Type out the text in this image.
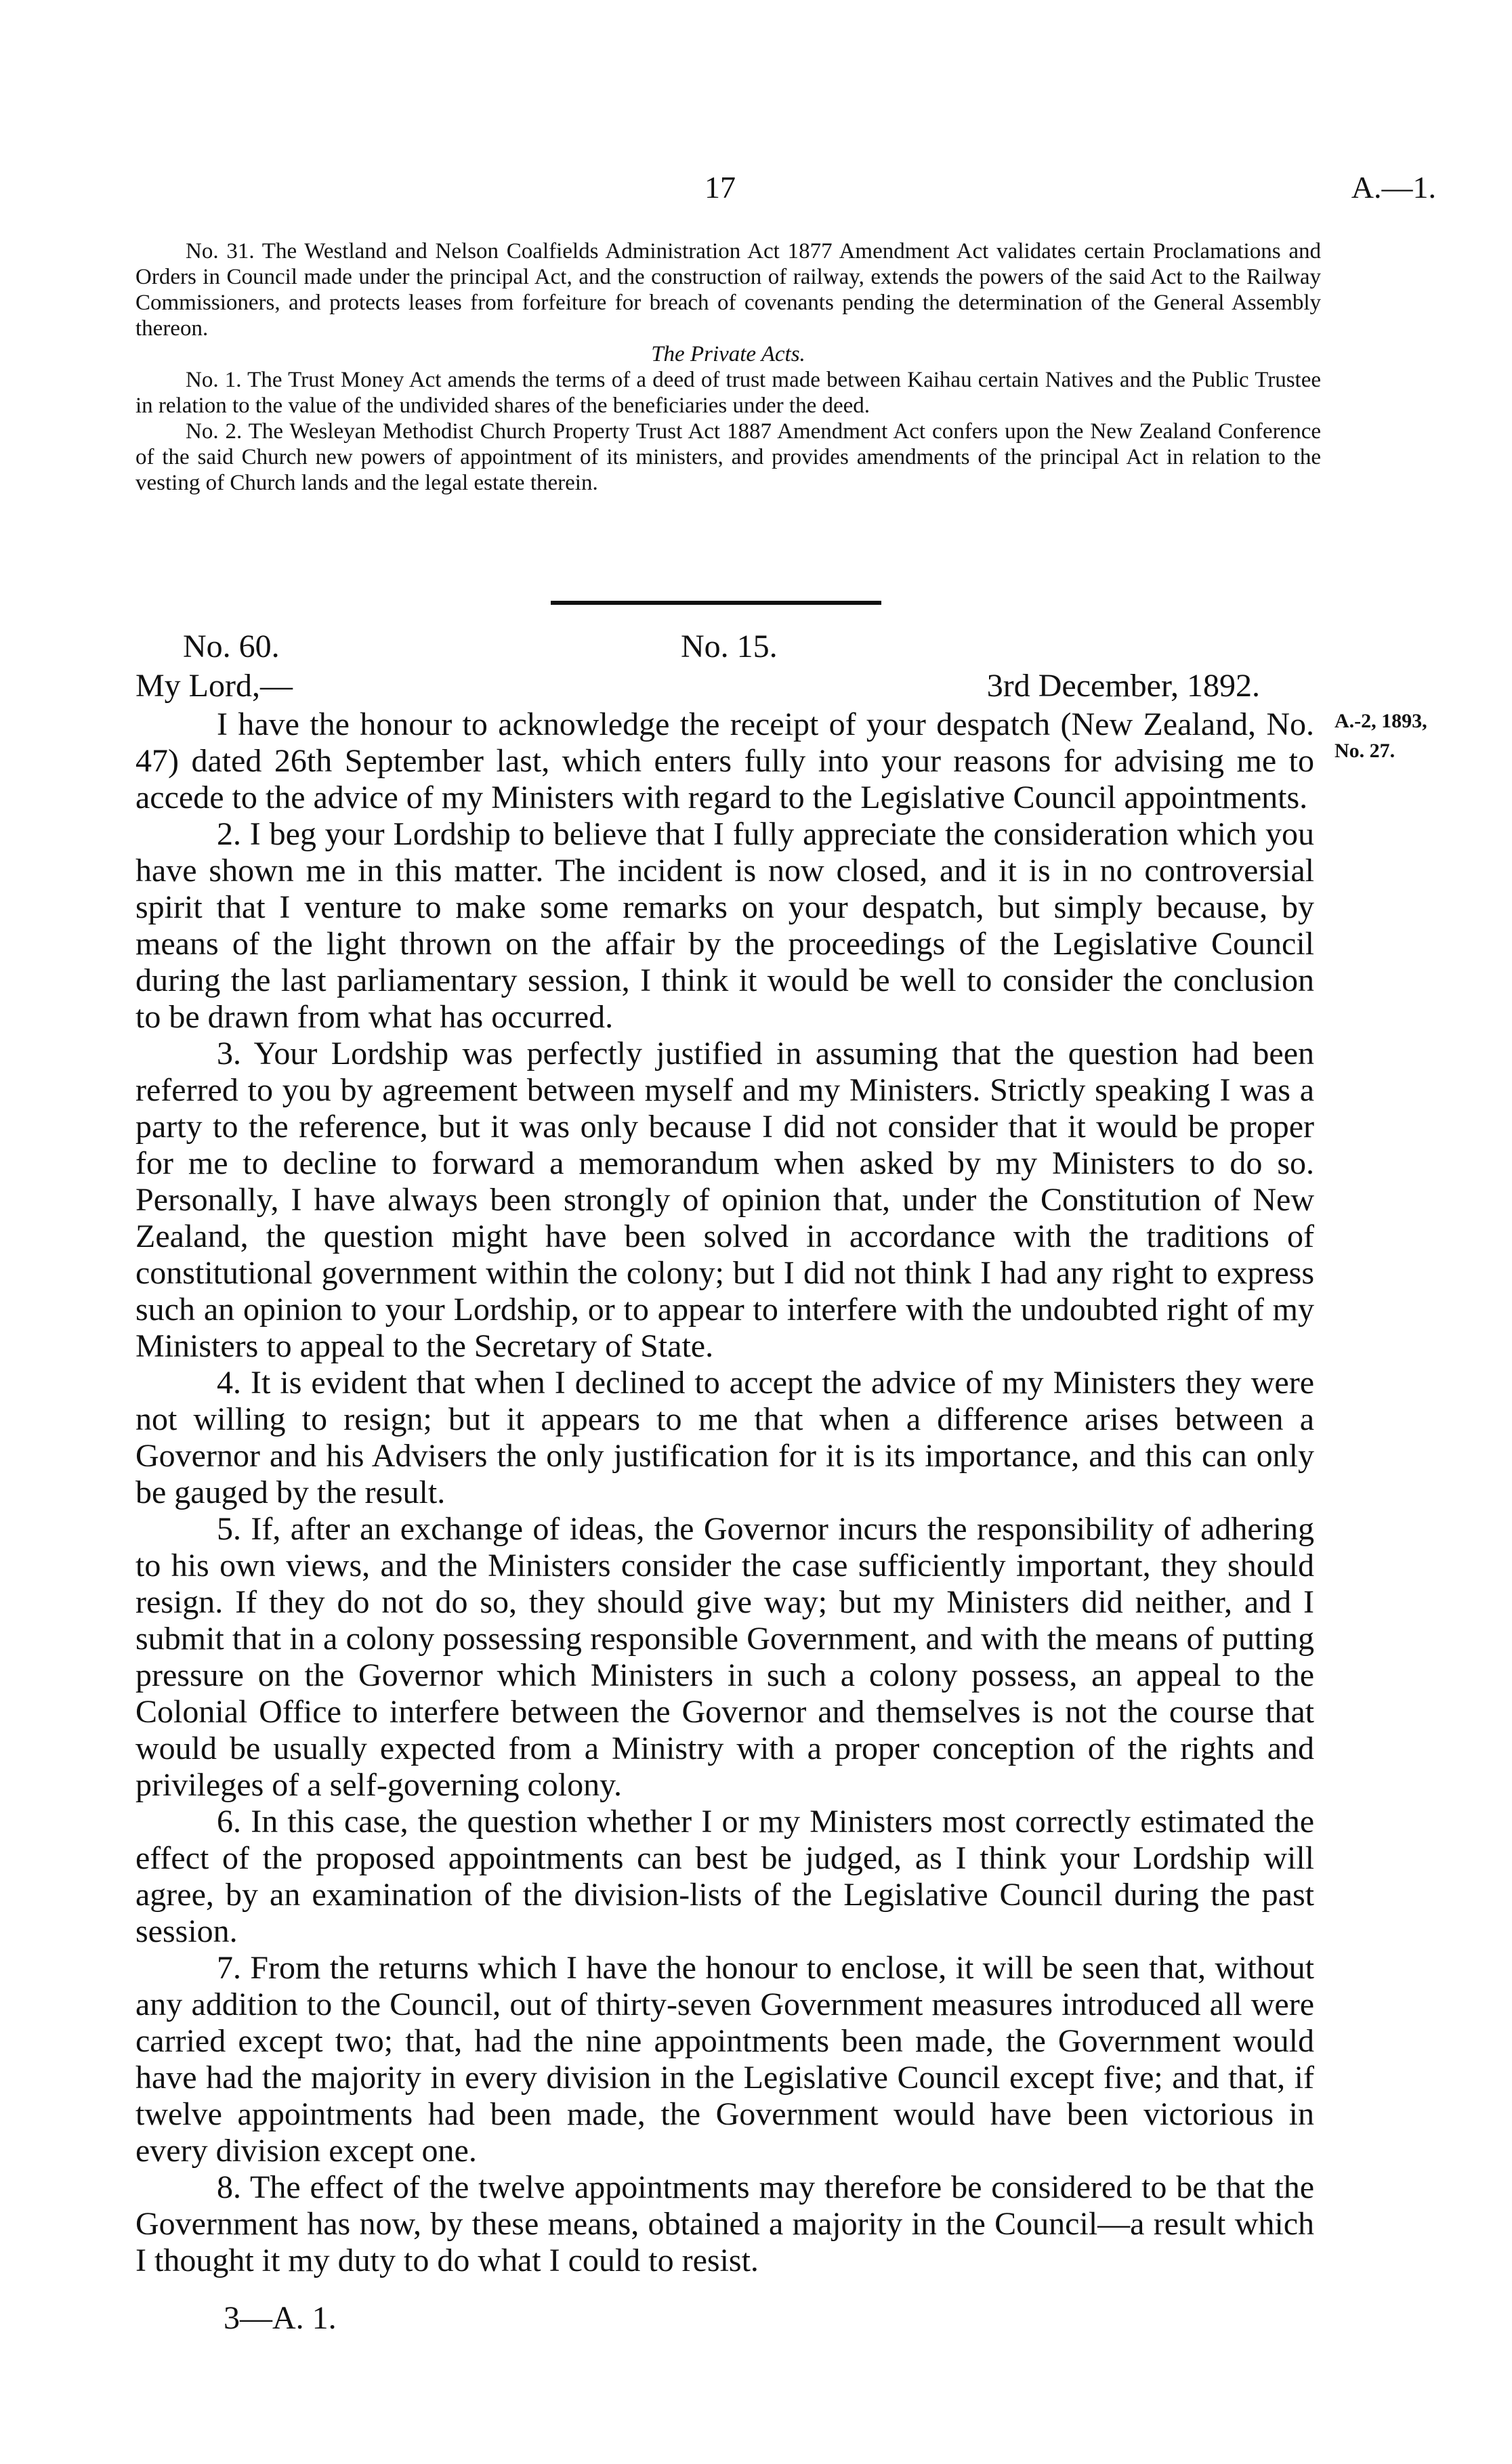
17	A.—1.

No. 31. The Westland and Nelson Coalfields Administration Act 1877 Amendment Act validates certain Proclamations and Orders in Council made under the principal Act, and the construction of railway, extends the powers of the said Act to the Railway Commissioners, and protects leases from forfeiture for breach of covenants pending the determination of the General Assembly thereon.

The Private Acts.

No. 1. The Trust Money Act amends the terms of a deed of trust made between Kaihau certain Natives and the Public Trustee in relation to the value of the undivided shares of the beneficiaries under the deed.

No. 2. The Wesleyan Methodist Church Property Trust Act 1887 Amendment Act confers upon the New Zealand Conference of the said Church new powers of appointment of its ministers, and provides amendments of the principal Act in relation to the vesting of Church lands and the legal estate therein.

No. 60.	No. 15.
My Lord,—	3rd December, 1892.
A.-2, 1893,
No. 27.

I have the honour to acknowledge the receipt of your despatch (New Zealand, No. 47) dated 26th September last, which enters fully into your reasons for advising me to accede to the advice of my Ministers with regard to the Legislative Council appointments.

2. I beg your Lordship to believe that I fully appreciate the consideration which you have shown me in this matter. The incident is now closed, and it is in no controversial spirit that I venture to make some remarks on your despatch, but simply because, by means of the light thrown on the affair by the proceedings of the Legislative Council during the last parliamentary session, I think it would be well to consider the conclusion to be drawn from what has occurred.

3. Your Lordship was perfectly justified in assuming that the question had been referred to you by agreement between myself and my Ministers. Strictly speaking I was a party to the reference, but it was only because I did not consider that it would be proper for me to decline to forward a memorandum when asked by my Ministers to do so. Personally, I have always been strongly of opinion that, under the Constitution of New Zealand, the question might have been solved in accordance with the traditions of constitutional government within the colony; but I did not think I had any right to express such an opinion to your Lordship, or to appear to interfere with the undoubted right of my Ministers to appeal to the Secretary of State.

4. It is evident that when I declined to accept the advice of my Ministers they were not willing to resign; but it appears to me that when a difference arises between a Governor and his Advisers the only justification for it is its importance, and this can only be gauged by the result.

5. If, after an exchange of ideas, the Governor incurs the responsibility of adhering to his own views, and the Ministers consider the case sufficiently important, they should resign. If they do not do so, they should give way; but my Ministers did neither, and I submit that in a colony possessing responsible Government, and with the means of putting pressure on the Governor which Ministers in such a colony possess, an appeal to the Colonial Office to interfere between the Governor and themselves is not the course that would be usually expected from a Ministry with a proper conception of the rights and privileges of a self-governing colony.

6. In this case, the question whether I or my Ministers most correctly estimated the effect of the proposed appointments can best be judged, as I think your Lordship will agree, by an examination of the division-lists of the Legislative Council during the past session.

7. From the returns which I have the honour to enclose, it will be seen that, without any addition to the Council, out of thirty-seven Government measures introduced all were carried except two; that, had the nine appointments been made, the Government would have had the majority in every division in the Legislative Council except five; and that, if twelve appointments had been made, the Government would have been victorious in every division except one.

8. The effect of the twelve appointments may therefore be considered to be that the Government has now, by these means, obtained a majority in the Council—a result which I thought it my duty to do what I could to resist.

3—A. 1.
